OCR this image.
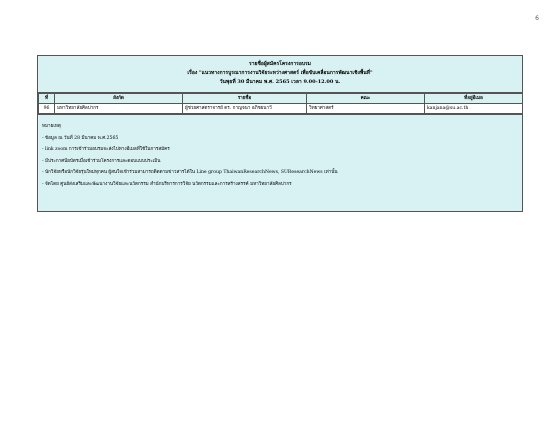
6
รายชื่อผู้สมัครโครงการอบรม
เรื่อง "แนวทางการบูรณาการงานวิจัยระหว่างศาสตร์ เพื่อขับเคลื่อนการพัฒนาเชิงพื้นที่"
วันพุธที่ 30 มีนาคม พ.ศ. 2565 เวลา 9.00-12.00 น.
ที่	สังกัด	รายชื่อ	คณะ	ที่อยู่อีเมล
96	มหาวิทยาลัยศิลปากร	ผู้ช่วยศาสตราจารย์ ดร. กาญจนา อภิชยนาวี	วิทยาศาสตร์	kanjana@su.ac.th
หมายเหตุ
- ข้อมูล ณ วันที่ 28 มีนาคม พ.ศ.2565
- link zoom การเข้าร่วมอบรมจะส่งไปทางอีเมลที่ใช้ในการสมัคร
- มีประกาศนียบัตรเมื่อเข้าร่วมโครงการและตอบแบบประเมิน
- นักวิจัยหรือนักวิจัยรุ่นใหม่ทุกคน ผู้สนใจเข้าร่วมสามารถติดตามข่าวสารได้ใน Line group ThaiwanResearchNews, SUResearchNews เท่านั้น
- จัดโดย ศูนย์ส่งเสริมและพัฒนางานวิจัยและนวัตกรรม สำนักบริหารการวิจัย นวัตกรรมและการสร้างสรรค์ มหาวิทยาลัยศิลปากร
